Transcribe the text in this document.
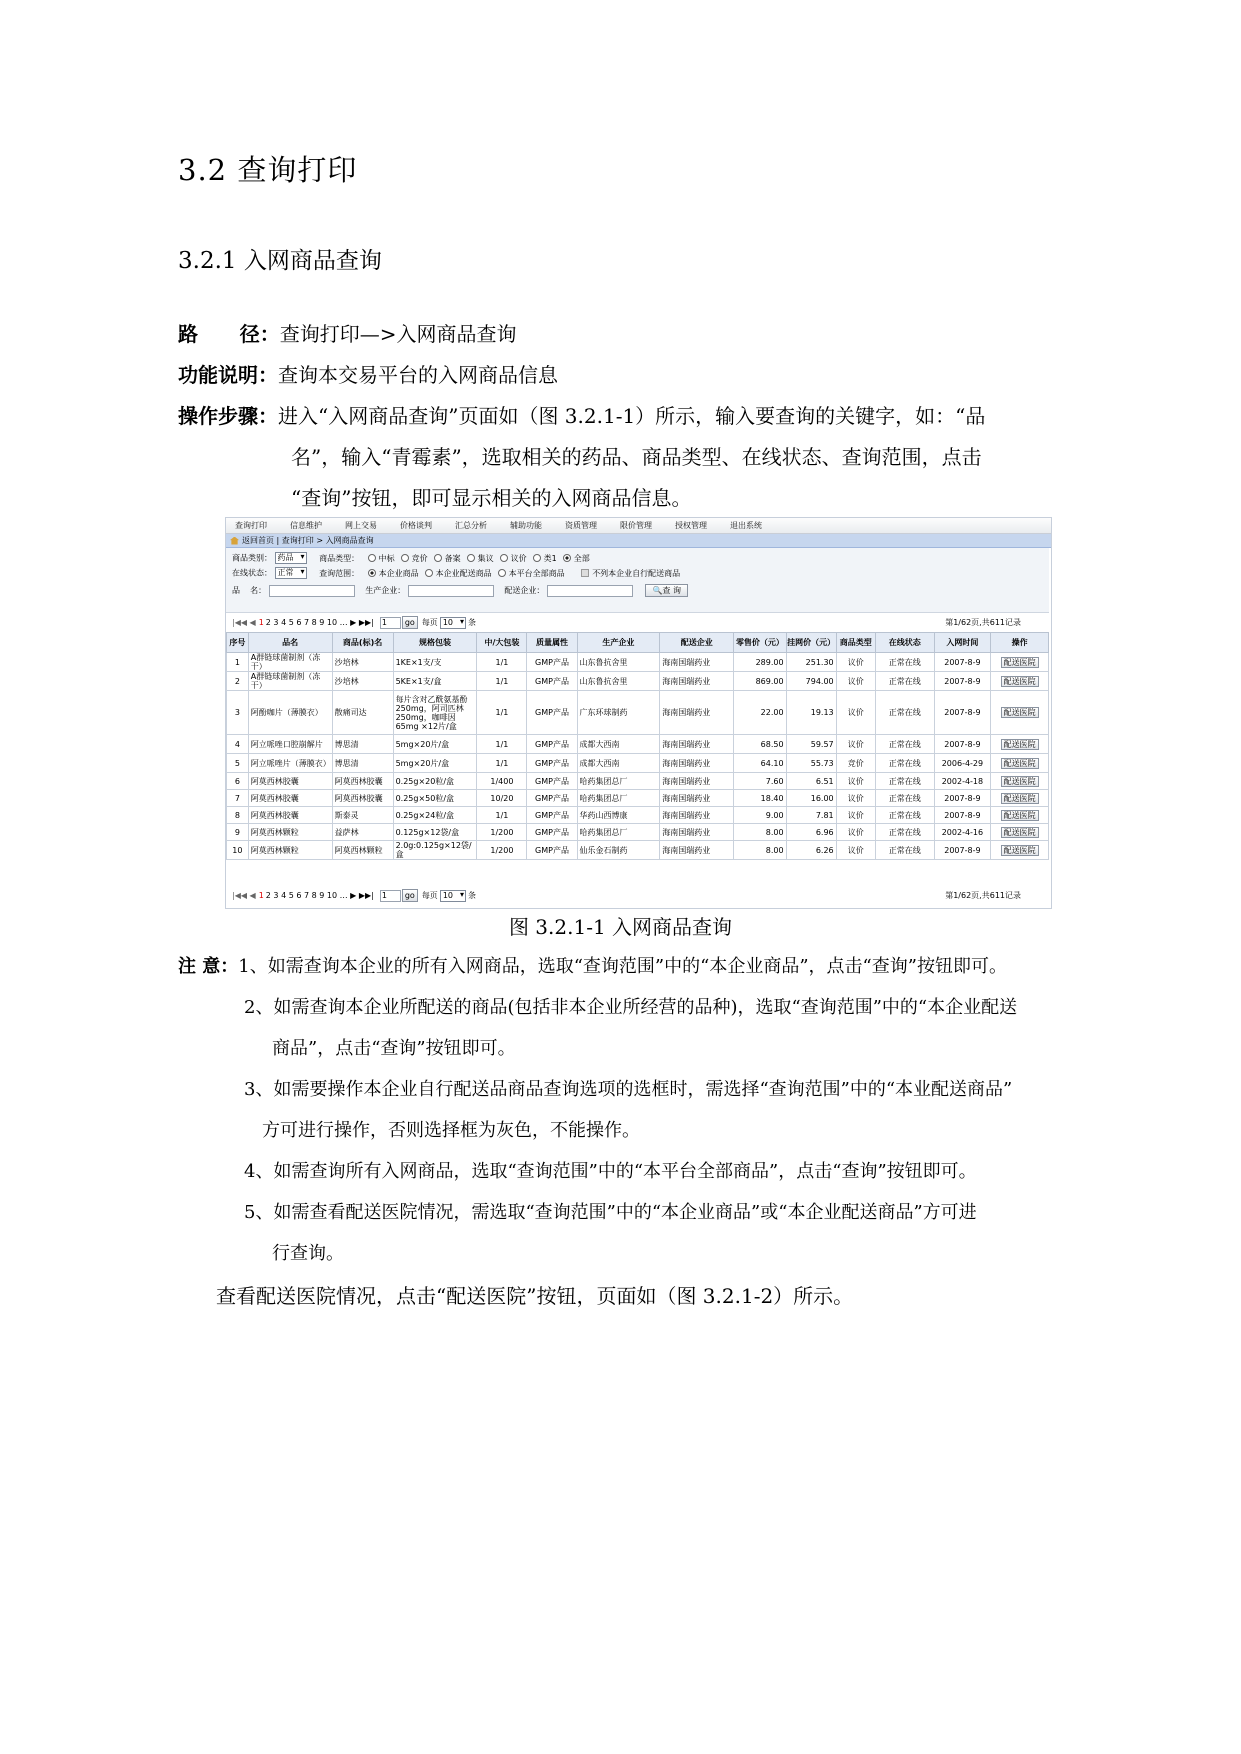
3.2 查询打印
3.2.1 入网商品查询
路      径：查询打印—>入网商品查询
功能说明：查询本交易平台的入网商品信息
操作步骤：进入“入网商品查询”页面如（图 3.2.1-1）所示，输入要查询的关键字，如：“品
名”，输入“青霉素”，选取相关的药品、商品类型、在线状态、查询范围，点击
“查询”按钮，即可显示相关的入网商品信息。
查询打印	信息维护	网上交易	价格谈判	汇总分析	辅助功能	资质管理	限价管理	授权管理	退出系统
返回首页 | 查询打印 > 入网商品查询
商品类别： 药品 ▾	商品类型： 中标 竞价 备案 集议 议价 类1 全部
在线状态： 正常 ▾	查询范围： 本企业商品 本企业配送商品 本平台全部商品	不列本企业自行配送商品
品    名：	生产企业：	配送企业：	🔍查 询
|◀◀ ◀ 1 2 3 4 5 6 7 8 9 10 … ▶ ▶▶| 1	go 每页 10 ▾	条	第1/62页,共611记录
序号	品名	商品(标)名	规格包装	中/大包装	质量属性	生产企业	配送企业	零售价（元）	挂网价（元）	商品类型	在线状态	入网时间	操作
1	A群链球菌制剂（冻干）	沙培林	1KE×1支/支	1/1	GMP产品	山东鲁抗舍里	海南国瑞药业	289.00	251.30	议价	正常在线	2007-8-9	配送医院
2	A群链球菌制剂（冻干）	沙培林	5KE×1支/盒	1/1	GMP产品	山东鲁抗舍里	海南国瑞药业	869.00	794.00	议价	正常在线	2007-8-9	配送医院
3	阿酚咖片（薄膜衣）	散痛司达	每片含对乙酰氨基酚250mg，阿司匹林250mg，咖啡因65mg ×12片/盒	1/1	GMP产品	广东环球制药	海南国瑞药业	22.00	19.13	议价	正常在线	2007-8-9	配送医院
4	阿立哌唑口腔崩解片	博思清	5mg×20片/盒	1/1	GMP产品	成都大西南	海南国瑞药业	68.50	59.57	议价	正常在线	2007-8-9	配送医院
5	阿立哌唑片（薄膜衣）	博思清	5mg×20片/盒	1/1	GMP产品	成都大西南	海南国瑞药业	64.10	55.73	竞价	正常在线	2006-4-29	配送医院
6	阿莫西林胶囊	阿莫西林胶囊	0.25g×20粒/盒	1/400	GMP产品	哈药集团总厂	海南国瑞药业	7.60	6.51	议价	正常在线	2002-4-18	配送医院
7	阿莫西林胶囊	阿莫西林胶囊	0.25g×50粒/盒	10/20	GMP产品	哈药集团总厂	海南国瑞药业	18.40	16.00	议价	正常在线	2007-8-9	配送医院
8	阿莫西林胶囊	斯泰灵	0.25g×24粒/盒	1/1	GMP产品	华药山西博康	海南国瑞药业	9.00	7.81	议价	正常在线	2007-8-9	配送医院
9	阿莫西林颗粒	益萨林	0.125g×12袋/盒	1/200	GMP产品	哈药集团总厂	海南国瑞药业	8.00	6.96	议价	正常在线	2002-4-16	配送医院
10	阿莫西林颗粒	阿莫西林颗粒	2.0g:0.125g×12袋/盒	1/200	GMP产品	仙乐金石制药	海南国瑞药业	8.00	6.26	议价	正常在线	2007-8-9	配送医院
|◀◀ ◀ 1 2 3 4 5 6 7 8 9 10 … ▶ ▶▶| 1	go 每页 10 ▾	条	第1/62页,共611记录
图 3.2.1-1 入网商品查询
注 意：1、如需查询本企业的所有入网商品，选取“查询范围”中的“本企业商品”，点击“查询”按钮即可。
2、如需查询本企业所配送的商品(包括非本企业所经营的品种)，选取“查询范围”中的“本企业配送
商品”，点击“查询”按钮即可。
3、如需要操作本企业自行配送品商品查询选项的选框时，需选择“查询范围”中的“本业配送商品”
方可进行操作，否则选择框为灰色，不能操作。
4、如需查询所有入网商品，选取“查询范围”中的“本平台全部商品”，点击“查询”按钮即可。
5、如需查看配送医院情况，需选取“查询范围”中的“本企业商品”或“本企业配送商品”方可进
行查询。
查看配送医院情况，点击“配送医院”按钮，页面如（图 3.2.1-2）所示。
